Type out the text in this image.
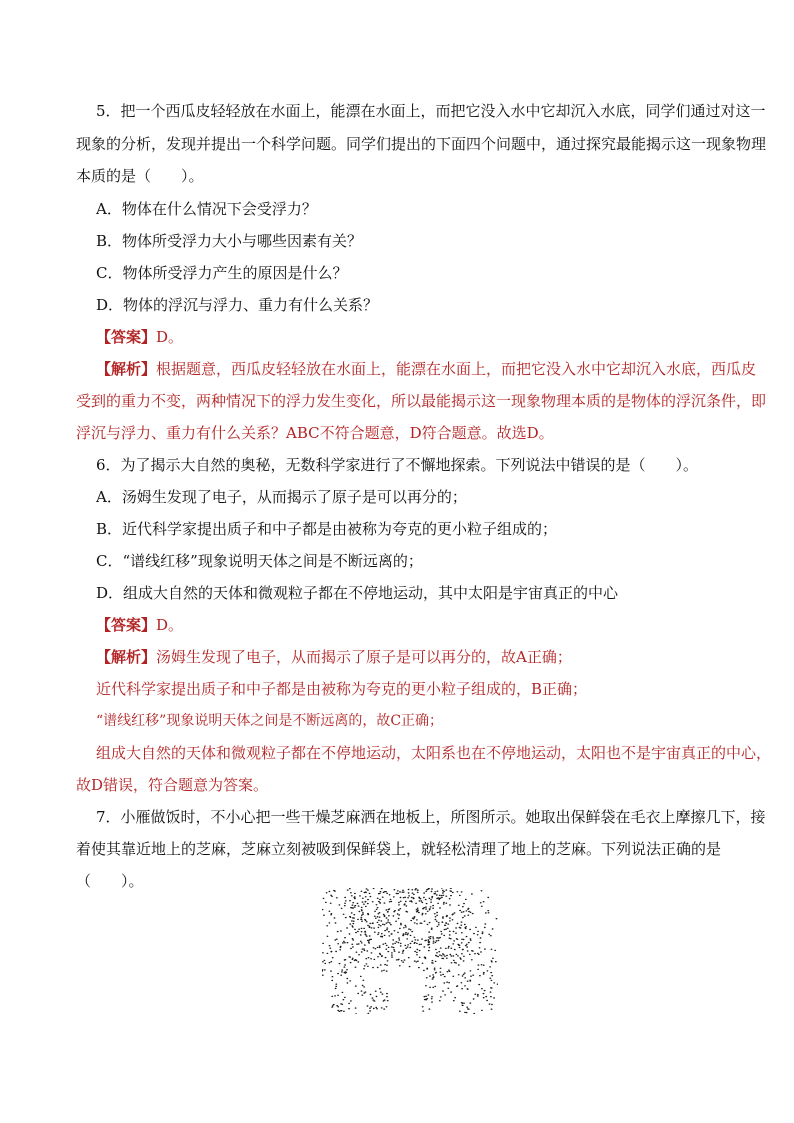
5．把一个西瓜皮轻轻放在水面上，能漂在水面上，而把它没入水中它却沉入水底，同学们通过对这一
现象的分析，发现并提出一个科学问题。同学们提出的下面四个问题中，通过探究最能揭示这一现象物理
本质的是（　　）。
A．物体在什么情况下会受浮力？
B．物体所受浮力大小与哪些因素有关？
C．物体所受浮力产生的原因是什么？
D．物体的浮沉与浮力、重力有什么关系？
【答案】D。
【解析】根据题意，西瓜皮轻轻放在水面上，能漂在水面上，而把它没入水中它却沉入水底，西瓜皮
受到的重力不变，两种情况下的浮力发生变化，所以最能揭示这一现象物理本质的是物体的浮沉条件，即
浮沉与浮力、重力有什么关系？ABC不符合题意，D符合题意。故选D。
6．为了揭示大自然的奥秘，无数科学家进行了不懈地探索。下列说法中错误的是（　　）。
A．汤姆生发现了电子，从而揭示了原子是可以再分的；
B．近代科学家提出质子和中子都是由被称为夸克的更小粒子组成的；
C．“谱线红移”现象说明天体之间是不断远离的；
D．组成大自然的天体和微观粒子都在不停地运动，其中太阳是宇宙真正的中心
【答案】D。
【解析】汤姆生发现了电子，从而揭示了原子是可以再分的，故A正确；
近代科学家提出质子和中子都是由被称为夸克的更小粒子组成的，B正确；
“谱线红移”现象说明天体之间是不断远离的，故C正确；
组成大自然的天体和微观粒子都在不停地运动，太阳系也在不停地运动，太阳也不是宇宙真正的中心，
故D错误，符合题意为答案。
7．小雁做饭时，不小心把一些干燥芝麻洒在地板上，所图所示。她取出保鲜袋在毛衣上摩擦几下，接
着使其靠近地上的芝麻，芝麻立刻被吸到保鲜袋上，就轻松清理了地上的芝麻。下列说法正确的是
（　　）。
